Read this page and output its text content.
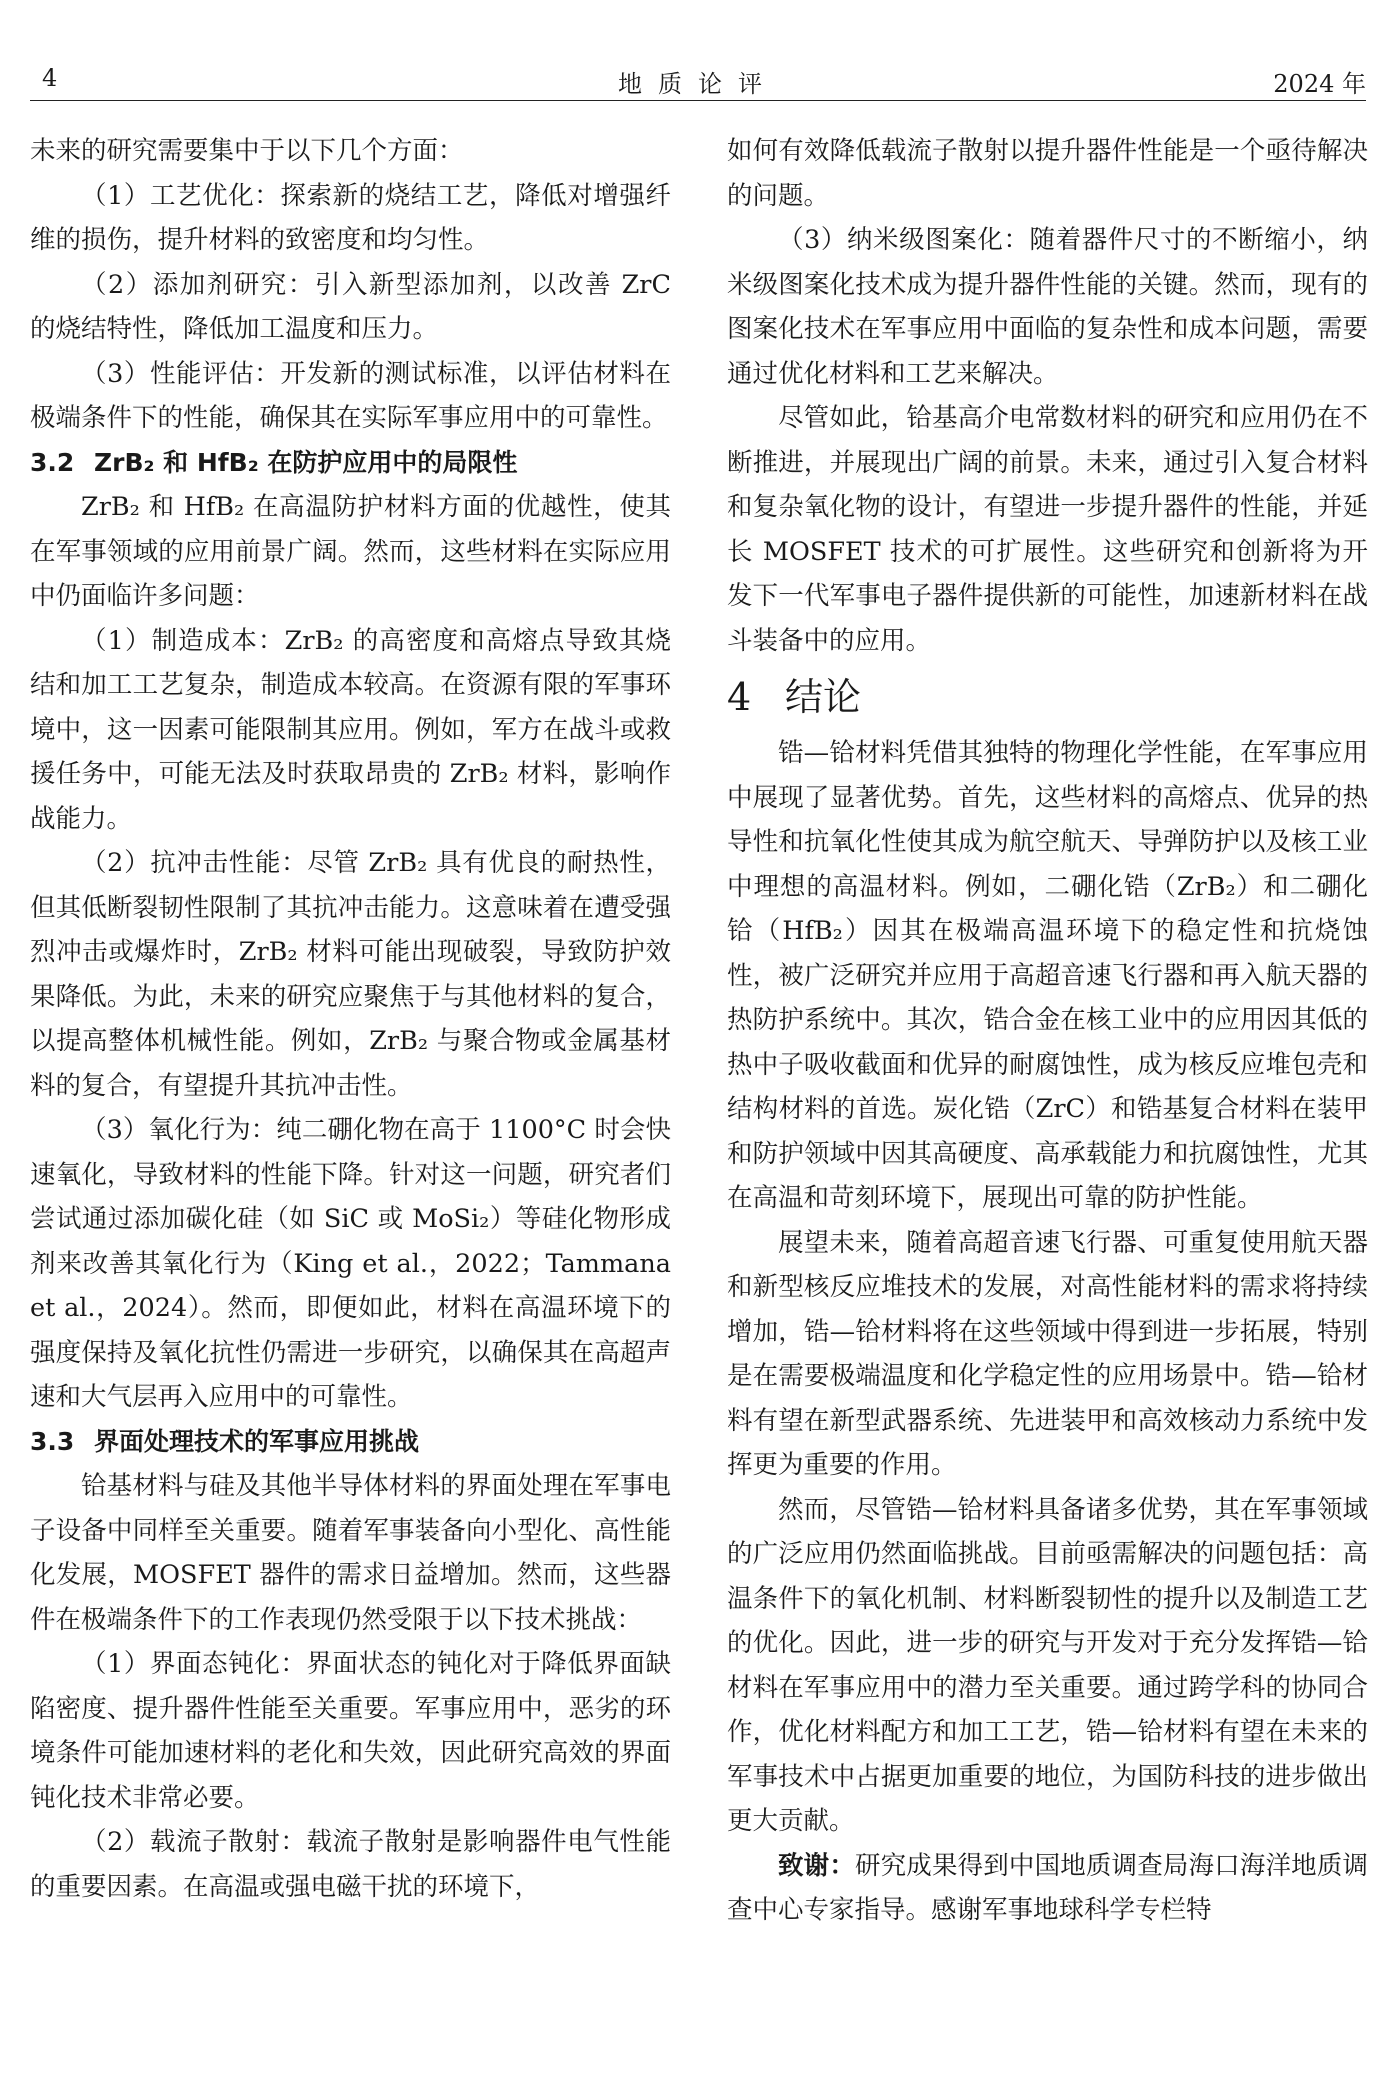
4	地质论评	2024 年

未来的研究需要集中于以下几个方面：

（1）工艺优化：探索新的烧结工艺，降低对增强纤维的损伤，提升材料的致密度和均匀性。

（2）添加剂研究：引入新型添加剂，以改善 ZrC 的烧结特性，降低加工温度和压力。

（3）性能评估：开发新的测试标准，以评估材料在极端条件下的性能，确保其在实际军事应用中的可靠性。

3.2 ZrB₂ 和 HfB₂ 在防护应用中的局限性

ZrB₂ 和 HfB₂ 在高温防护材料方面的优越性，使其在军事领域的应用前景广阔。然而，这些材料在实际应用中仍面临许多问题：

（1）制造成本：ZrB₂ 的高密度和高熔点导致其烧结和加工工艺复杂，制造成本较高。在资源有限的军事环境中，这一因素可能限制其应用。例如，军方在战斗或救援任务中，可能无法及时获取昂贵的 ZrB₂ 材料，影响作战能力。

（2）抗冲击性能：尽管 ZrB₂ 具有优良的耐热性，但其低断裂韧性限制了其抗冲击能力。这意味着在遭受强烈冲击或爆炸时，ZrB₂ 材料可能出现破裂，导致防护效果降低。为此，未来的研究应聚焦于与其他材料的复合，以提高整体机械性能。例如，ZrB₂ 与聚合物或金属基材料的复合，有望提升其抗冲击性。

（3）氧化行为：纯二硼化物在高于 1100°C 时会快速氧化，导致材料的性能下降。针对这一问题，研究者们尝试通过添加碳化硅（如 SiC 或 MoSi₂）等硅化物形成剂来改善其氧化行为（King et al.，2022；Tammana et al.，2024）。然而，即便如此，材料在高温环境下的强度保持及氧化抗性仍需进一步研究，以确保其在高超声速和大气层再入应用中的可靠性。

3.3 界面处理技术的军事应用挑战

铪基材料与硅及其他半导体材料的界面处理在军事电子设备中同样至关重要。随着军事装备向小型化、高性能化发展，MOSFET 器件的需求日益增加。然而，这些器件在极端条件下的工作表现仍然受限于以下技术挑战：

（1）界面态钝化：界面状态的钝化对于降低界面缺陷密度、提升器件性能至关重要。军事应用中，恶劣的环境条件可能加速材料的老化和失效，因此研究高效的界面钝化技术非常必要。

（2）载流子散射：载流子散射是影响器件电气性能的重要因素。在高温或强电磁干扰的环境下，

如何有效降低载流子散射以提升器件性能是一个亟待解决的问题。

（3）纳米级图案化：随着器件尺寸的不断缩小，纳米级图案化技术成为提升器件性能的关键。然而，现有的图案化技术在军事应用中面临的复杂性和成本问题，需要通过优化材料和工艺来解决。

尽管如此，铪基高介电常数材料的研究和应用仍在不断推进，并展现出广阔的前景。未来，通过引入复合材料和复杂氧化物的设计，有望进一步提升器件的性能，并延长 MOSFET 技术的可扩展性。这些研究和创新将为开发下一代军事电子器件提供新的可能性，加速新材料在战斗装备中的应用。

4 结论

锆—铪材料凭借其独特的物理化学性能，在军事应用中展现了显著优势。首先，这些材料的高熔点、优异的热导性和抗氧化性使其成为航空航天、导弹防护以及核工业中理想的高温材料。例如，二硼化锆（ZrB₂）和二硼化铪（HfB₂）因其在极端高温环境下的稳定性和抗烧蚀性，被广泛研究并应用于高超音速飞行器和再入航天器的热防护系统中。其次，锆合金在核工业中的应用因其低的热中子吸收截面和优异的耐腐蚀性，成为核反应堆包壳和结构材料的首选。炭化锆（ZrC）和锆基复合材料在装甲和防护领域中因其高硬度、高承载能力和抗腐蚀性，尤其在高温和苛刻环境下，展现出可靠的防护性能。

展望未来，随着高超音速飞行器、可重复使用航天器和新型核反应堆技术的发展，对高性能材料的需求将持续增加，锆—铪材料将在这些领域中得到进一步拓展，特别是在需要极端温度和化学稳定性的应用场景中。锆—铪材料有望在新型武器系统、先进装甲和高效核动力系统中发挥更为重要的作用。

然而，尽管锆—铪材料具备诸多优势，其在军事领域的广泛应用仍然面临挑战。目前亟需解决的问题包括：高温条件下的氧化机制、材料断裂韧性的提升以及制造工艺的优化。因此，进一步的研究与开发对于充分发挥锆—铪材料在军事应用中的潜力至关重要。通过跨学科的协同合作，优化材料配方和加工工艺，锆—铪材料有望在未来的军事技术中占据更加重要的地位，为国防科技的进步做出更大贡献。

致谢：研究成果得到中国地质调查局海口海洋地质调查中心专家指导。感谢军事地球科学专栏特
